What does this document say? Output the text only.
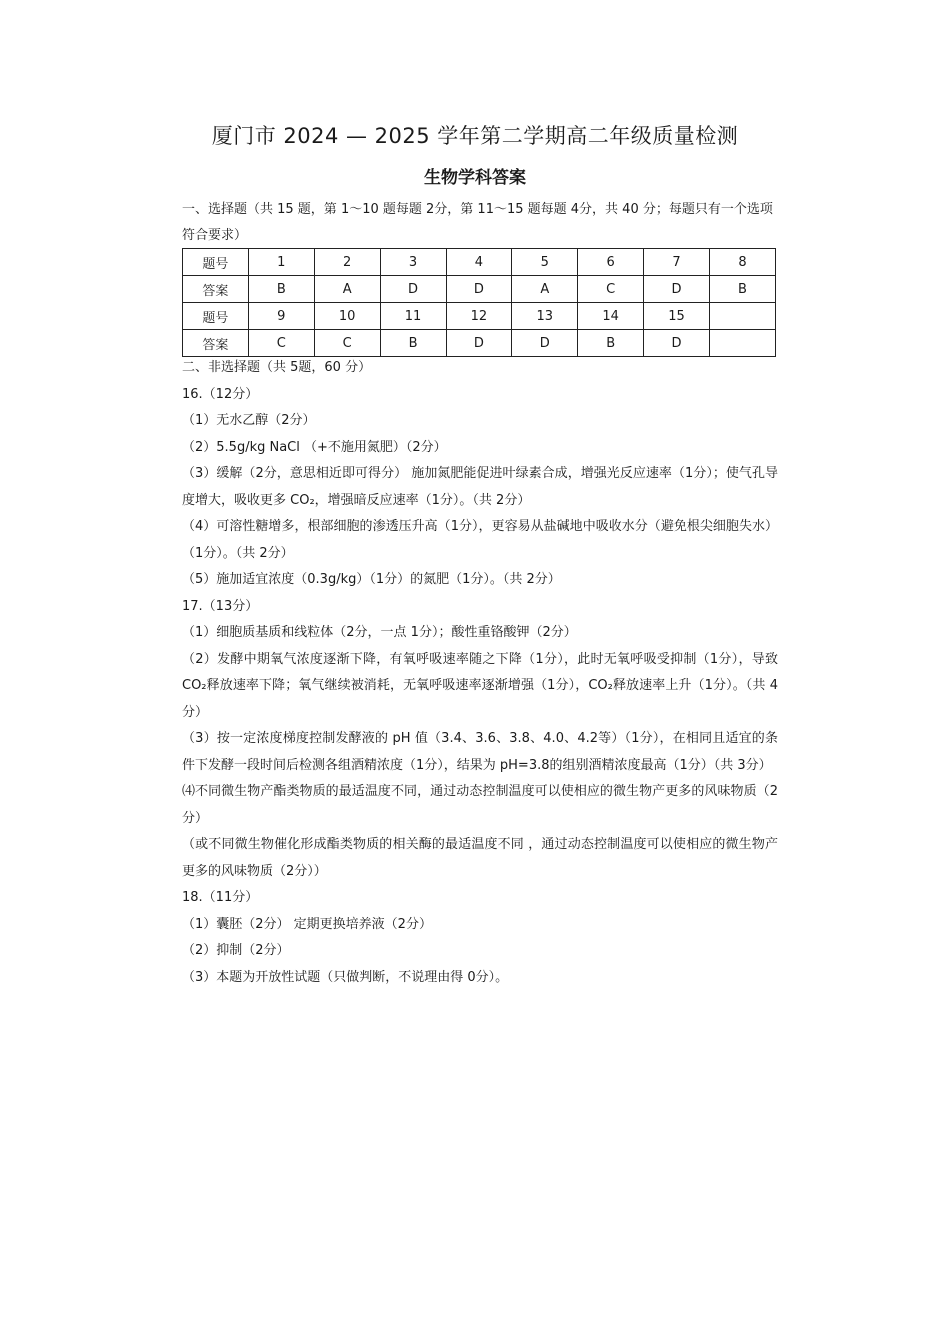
厦门市 2024 — 2025 学年第二学期高二年级质量检测
生物学科答案
一、选择题（共 15 题，第 1～10 题每题 2分，第 11～15 题每题 4分，共 40 分；每题只有一个选项符合要求）
题号	1	2	3	4	5	6	7	8
答案	B	A	D	D	A	C	D	B
题号	9	10	11	12	13	14	15	
答案	C	C	B	D	D	B	D	

二、非选择题（共 5题，60 分）

16.（12分）

（1）无水乙醇（2分）

（2）5.5g/kg NaCl （+不施用氮肥）（2分）

（3）缓解（2分，意思相近即可得分） 施加氮肥能促进叶绿素合成，增强光反应速率（1分）；使气孔导度增大，吸收更多 CO₂，增强暗反应速率（1分）。（共 2分）

（4）可溶性糖增多，根部细胞的渗透压升高（1分），更容易从盐碱地中吸收水分（避免根尖细胞失水）（1分）。（共 2分）

（5）施加适宜浓度（0.3g/kg）（1分）的氮肥（1分）。（共 2分）

17.（13分）

（1）细胞质基质和线粒体（2分，一点 1分）；酸性重铬酸钾（2分）

（2）发酵中期氧气浓度逐渐下降，有氧呼吸速率随之下降（1分），此时无氧呼吸受抑制（1分），导致 CO₂释放速率下降；氧气继续被消耗，无氧呼吸速率逐渐增强（1分），CO₂释放速率上升（1分）。（共 4分）

（3）按一定浓度梯度控制发酵液的 pH 值（3.4、3.6、3.8、4.0、4.2等）（1分），在相同且适宜的条件下发酵一段时间后检测各组酒精浓度（1分），结果为 pH=3.8的组别酒精浓度最高（1分）（共 3分）

⑷不同微生物产酯类物质的最适温度不同，通过动态控制温度可以使相应的微生物产更多的风味物质（2分）

（或不同微生物催化形成酯类物质的相关酶的最适温度不同 ，通过动态控制温度可以使相应的微生物产更多的风味物质（2分））

18.（11分）

（1）囊胚（2分） 定期更换培养液（2分）

（2）抑制（2分）

（3）本题为开放性试题（只做判断，不说理由得 0分）。
